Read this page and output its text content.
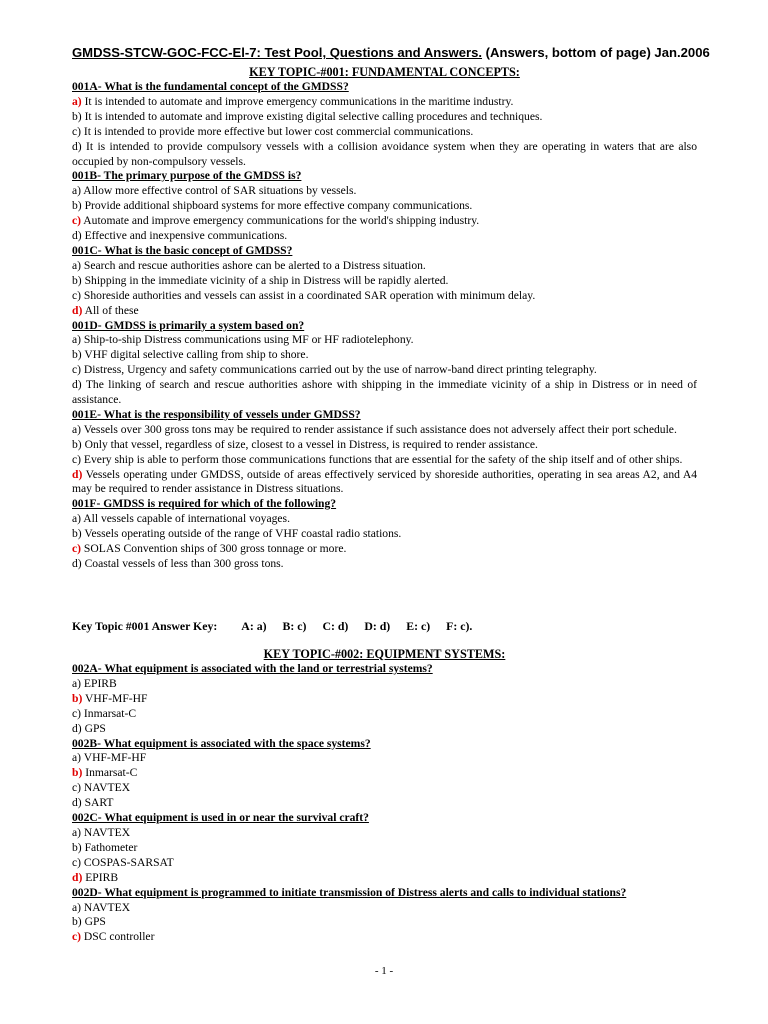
GMDSS-STCW-GOC-FCC-El-7: Test Pool, Questions and Answers. (Answers, bottom of page) Jan.2006
KEY TOPIC-#001: FUNDAMENTAL CONCEPTS:
001A- What is the fundamental concept of the GMDSS?
a) It is intended to automate and improve emergency communications in the maritime industry.
b) It is intended to automate and improve existing digital selective calling procedures and techniques.
c) It is intended to provide more effective but lower cost commercial communications.
d) It is intended to provide compulsory vessels with a collision avoidance system when they are operating in waters that are also occupied by non-compulsory vessels.
001B- The primary purpose of the GMDSS is?
a) Allow more effective control of SAR situations by vessels.
b) Provide additional shipboard systems for more effective company communications.
c) Automate and improve emergency communications for the world's shipping industry.
d) Effective and inexpensive communications.
001C- What is the basic concept of GMDSS?
a) Search and rescue authorities ashore can be alerted to a Distress situation.
b) Shipping in the immediate vicinity of a ship in Distress will be rapidly alerted.
c) Shoreside authorities and vessels can assist in a coordinated SAR operation with minimum delay.
d) All of these
001D- GMDSS is primarily a system based on?
a) Ship-to-ship Distress communications using MF or HF radiotelephony.
b) VHF digital selective calling from ship to shore.
c) Distress, Urgency and safety communications carried out by the use of narrow-band direct printing telegraphy.
d) The linking of search and rescue authorities ashore with shipping in the immediate vicinity of a ship in Distress or in need of assistance.
001E- What is the responsibility of vessels under GMDSS?
a) Vessels over 300 gross tons may be required to render assistance if such assistance does not adversely affect their port schedule.
b) Only that vessel, regardless of size, closest to a vessel in Distress, is required to render assistance.
c) Every ship is able to perform those communications functions that are essential for the safety of the ship itself and of other ships.
d) Vessels operating under GMDSS, outside of areas effectively serviced by shoreside authorities, operating in sea areas A2, and A4 may be required to render assistance in Distress situations.
001F- GMDSS is required for which of the following?
a) All vessels capable of international voyages.
b) Vessels operating outside of the range of VHF coastal radio stations.
c) SOLAS Convention ships of 300 gross tonnage or more.
d) Coastal vessels of less than 300 gross tons.
Key Topic #001 Answer Key: A: a) B: c) C: d) D: d) E: c) F: c).
KEY TOPIC-#002: EQUIPMENT SYSTEMS:
002A- What equipment is associated with the land or terrestrial systems?
a) EPIRB
b) VHF-MF-HF
c) Inmarsat-C
d) GPS
002B- What equipment is associated with the space systems?
a) VHF-MF-HF
b) Inmarsat-C
c) NAVTEX
d) SART
002C- What equipment is used in or near the survival craft?
a) NAVTEX
b) Fathometer
c) COSPAS-SARSAT
d) EPIRB
002D- What equipment is programmed to initiate transmission of Distress alerts and calls to individual stations?
a) NAVTEX
b) GPS
c) DSC controller
- 1 -
